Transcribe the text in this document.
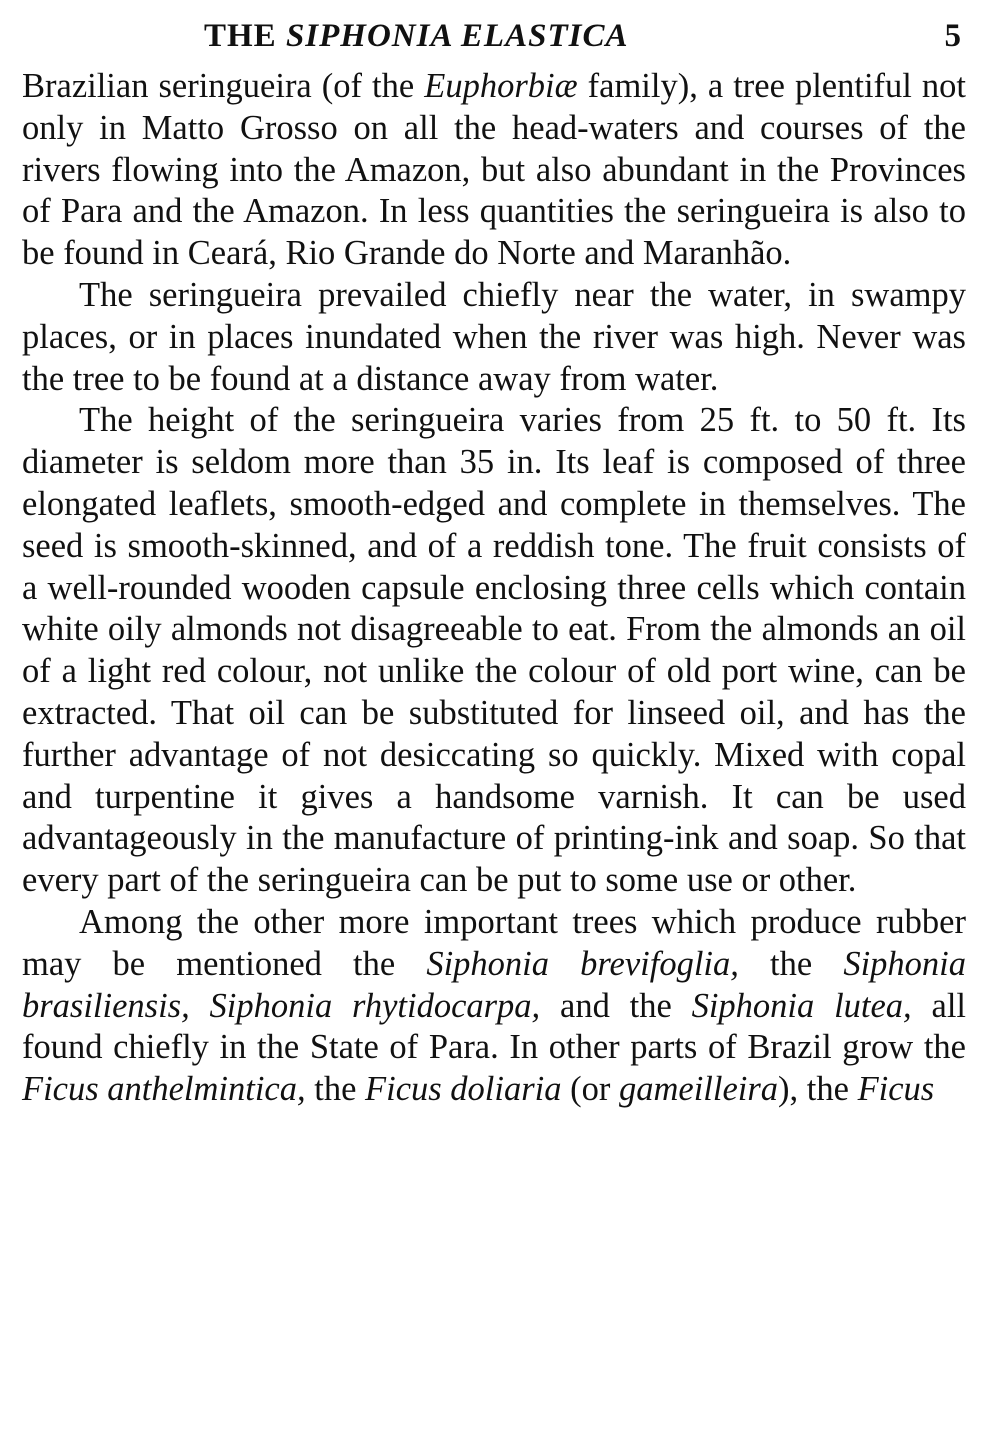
THE SIPHONIA ELASTICA	5

Brazilian seringueira (of the Euphorbiæ family), a tree plentiful not only in Matto Grosso on all the head-waters and courses of the rivers flowing into the Amazon, but also abundant in the Provinces of Para and the Amazon. In less quantities the seringueira is also to be found in Ceará, Rio Grande do Norte and Maranhão.

The seringueira prevailed chiefly near the water, in swampy places, or in places inundated when the river was high. Never was the tree to be found at a distance away from water.

The height of the seringueira varies from 25 ft. to 50 ft. Its diameter is seldom more than 35 in. Its leaf is composed of three elongated leaflets, smooth-edged and complete in themselves. The seed is smooth-skinned, and of a reddish tone. The fruit consists of a well-rounded wooden capsule enclosing three cells which contain white oily almonds not disagreeable to eat. From the almonds an oil of a light red colour, not unlike the colour of old port wine, can be extracted. That oil can be substituted for linseed oil, and has the further advantage of not desiccating so quickly. Mixed with copal and turpentine it gives a handsome varnish. It can be used advantageously in the manufacture of printing-ink and soap. So that every part of the seringueira can be put to some use or other.

Among the other more important trees which produce rubber may be mentioned the Siphonia brevifoglia, the Siphonia brasiliensis, Siphonia rhytidocarpa, and the Siphonia lutea, all found chiefly in the State of Para. In other parts of Brazil grow the Ficus anthelmintica, the Ficus doliaria (or gameilleira), the Ficus
